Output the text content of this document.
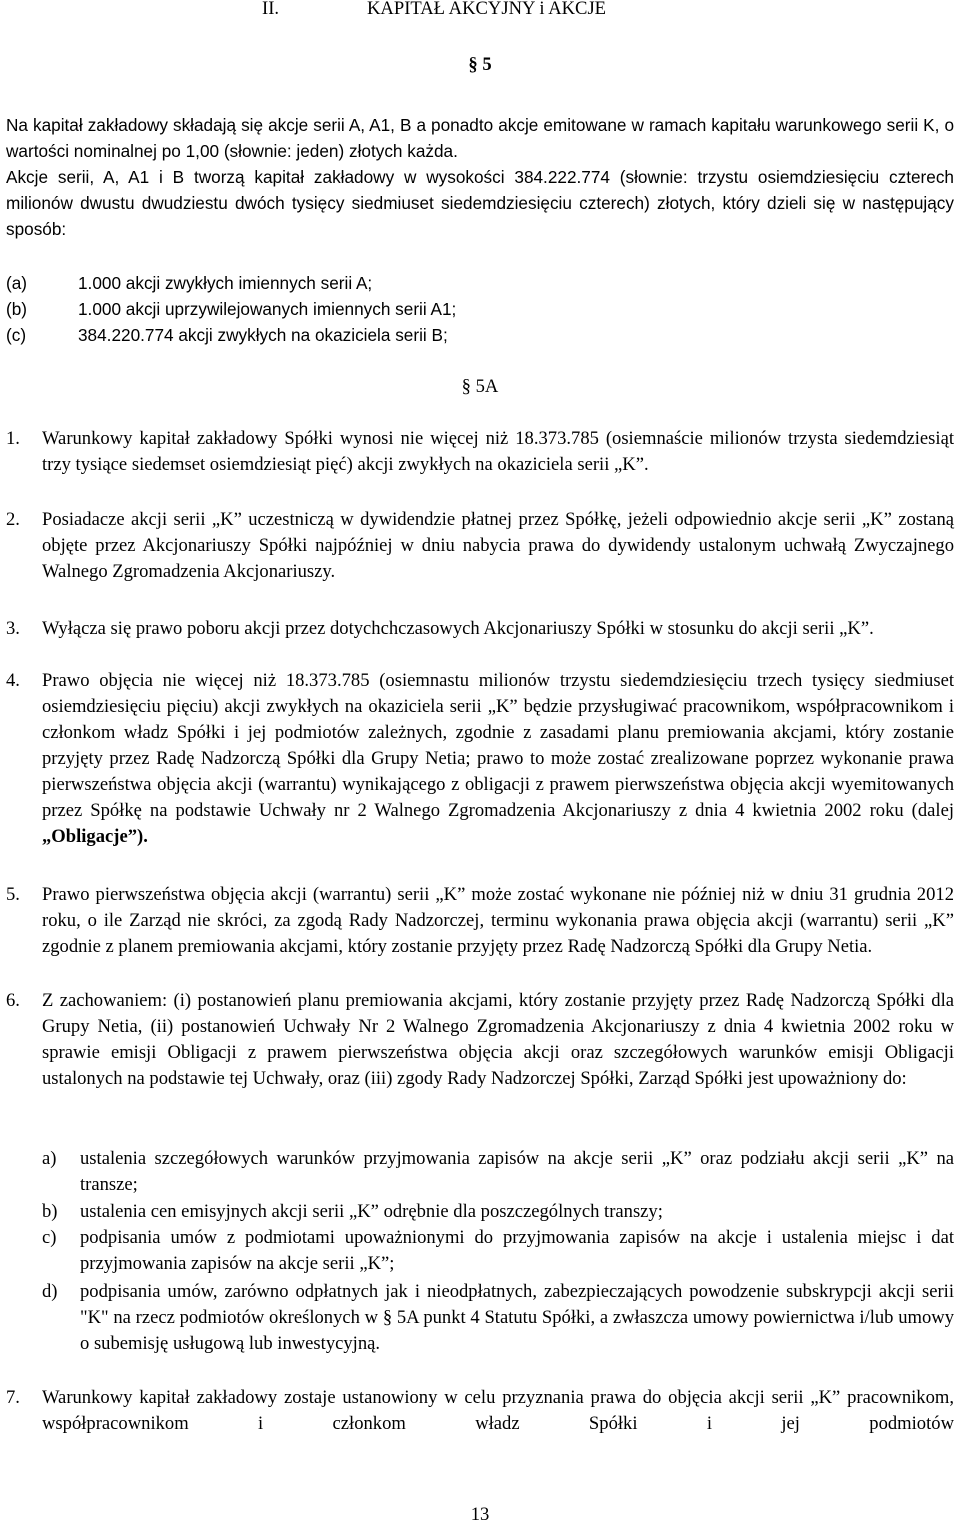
II.	KAPITAŁ AKCYJNY i AKCJE
§ 5
Na kapitał zakładowy składają się akcje serii A, A1, B a ponadto akcje emitowane w ramach kapitału warunkowego serii K, o wartości nominalnej po 1,00 (słownie: jeden) złotych każda.
Akcje serii, A, A1 i B tworzą kapitał zakładowy w wysokości 384.222.774 (słownie: trzystu osiemdziesięciu czterech milionów dwustu dwudziestu dwóch tysięcy siedmiuset siedemdziesięciu czterech) złotych, który dzieli się w następujący sposób:
(a)	1.000 akcji zwykłych imiennych serii A;
(b)	1.000 akcji uprzywilejowanych imiennych serii A1;
(c)	384.220.774 akcji zwykłych na okaziciela serii B;
§ 5A
1. Warunkowy kapitał zakładowy Spółki wynosi nie więcej niż 18.373.785 (osiemnaście milionów trzysta siedemdziesiąt trzy tysiące siedemset osiemdziesiąt pięć) akcji zwykłych na okaziciela serii „K”.
2. Posiadacze akcji serii „K” uczestniczą w dywidendzie płatnej przez Spółkę, jeżeli odpowiednio akcje serii „K” zostaną objęte przez Akcjonariuszy Spółki najpóźniej w dniu nabycia prawa do dywidendy ustalonym uchwałą Zwyczajnego Walnego Zgromadzenia Akcjonariuszy.
3. Wyłącza się prawo poboru akcji przez dotychchczasowych Akcjonariuszy Spółki w stosunku do akcji serii „K”.
4. Prawo objęcia nie więcej niż 18.373.785 (osiemnastu milionów trzystu siedemdziesięciu trzech tysięcy siedmiuset osiemdziesięciu pięciu) akcji zwykłych na okaziciela serii „K” będzie przysługiwać pracownikom, współpracownikom i członkom władz Spółki i jej podmiotów zależnych, zgodnie z zasadami planu premiowania akcjami, który zostanie przyjęty przez Radę Nadzorczą Spółki dla Grupy Netia; prawo to może zostać zrealizowane poprzez wykonanie prawa pierwszeństwa objęcia akcji (warrantu) wynikającego z obligacji z prawem pierwszeństwa objęcia akcji wyemitowanych przez Spółkę na podstawie Uchwały nr 2 Walnego Zgromadzenia Akcjonariuszy z dnia 4 kwietnia 2002 roku (dalej „Obligacje”).
5. Prawo pierwszeństwa objęcia akcji (warrantu) serii „K” może zostać wykonane nie później niż w dniu 31 grudnia 2012 roku, o ile Zarząd nie skróci, za zgodą Rady Nadzorczej, terminu wykonania prawa objęcia akcji (warrantu) serii „K” zgodnie z planem premiowania akcjami, który zostanie przyjęty przez Radę Nadzorczą Spółki dla Grupy Netia.
6. Z zachowaniem: (i) postanowień planu premiowania akcjami, który zostanie przyjęty przez Radę Nadzorczą Spółki dla Grupy Netia, (ii) postanowień Uchwały Nr 2 Walnego Zgromadzenia Akcjonariuszy z dnia 4 kwietnia 2002 roku w sprawie emisji Obligacji z prawem pierwszeństwa objęcia akcji oraz szczegółowych warunków emisji Obligacji ustalonych na podstawie tej Uchwały, oraz (iii) zgody Rady Nadzorczej Spółki, Zarząd Spółki jest upoważniony do:
a) ustalenia szczegółowych warunków przyjmowania zapisów na akcje serii „K” oraz podziału akcji serii „K” na transze;
b) ustalenia cen emisyjnych akcji serii „K” odrębnie dla poszczególnych transzy;
c) podpisania umów z podmiotami upoważnionymi do przyjmowania zapisów na akcje i ustalenia miejsc i dat przyjmowania zapisów na akcje serii „K”;
d) podpisania umów, zarówno odpłatnych jak i nieodpłatnych, zabezpieczających powodzenie subskrypcji akcji serii "K" na rzecz podmiotów określonych w § 5A punkt 4 Statutu Spółki, a zwłaszcza umowy powiernictwa i/lub umowy o subemisję usługową lub inwestycyjną.
7. Warunkowy kapitał zakładowy zostaje ustanowiony w celu przyznania prawa do objęcia akcji serii „K” pracownikom, współpracownikom i członkom władz Spółki i jej podmiotów
13
